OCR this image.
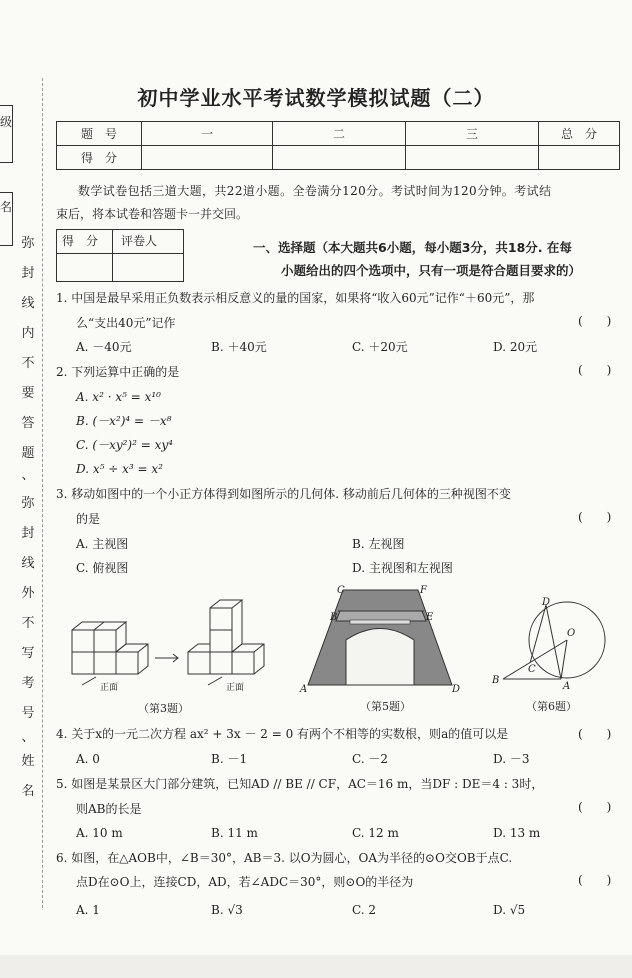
级
名
弥
封
线
内
不
要
答
题
、
弥
封
线
外
不
写
考
号
、
姓
名
初中学业水平考试数学模拟试题（二）
题　号	一	二	三	总　分
得　分				
数学试卷包括三道大题，共22道小题。全卷满分120分。考试时间为120分钟。考试结
束后，将本试卷和答题卡一并交回。
得　分 评卷人	一、选择题（本大题共6小题，每小题3分，共18分. 在每
小题给出的四个选项中，只有一项是符合题目要求的）
1. 中国是最早采用正负数表示相反意义的量的国家，如果将“收入60元”记作“＋60元”，那
么“支出40元”记作	(　　)
A. －40元	B. ＋40元	C. ＋20元	D. 20元
2. 下列运算中正确的是	(　　)
A. x² · x⁵ = x¹⁰
B. (－x²)⁴ = －x⁸
C. (－xy²)² = xy⁴
D. x⁵ ÷ x³ = x²
3. 移动如图中的一个小正方体得到如图所示的几何体. 移动前后几何体的三种视图不变
的是	(　　)
A. 主视图	B. 左视图
C. 俯视图	D. 主视图和左视图
正面	正面
（第3题）
C	F
B	E
A	D
（第5题）
D
O
C
B
A
（第6题）
4. 关于x的一元二次方程 ax² + 3x － 2 = 0 有两个不相等的实数根，则a的值可以是	(　　)
A. 0	B. －1	C. －2	D. －3
5. 如图是某景区大门部分建筑，已知AD // BE // CF，AC＝16 m，当DF : DE＝4 : 3时，
则AB的长是	(　　)
A. 10 m	B. 11 m	C. 12 m	D. 13 m
6. 如图，在△AOB中，∠B＝30°，AB＝3. 以O为圆心，OA为半径的⊙O交OB于点C.
点D在⊙O上，连接CD，AD，若∠ADC＝30°，则⊙O的半径为	(　　)
A. 1	B. √3	C. 2	D. √5
